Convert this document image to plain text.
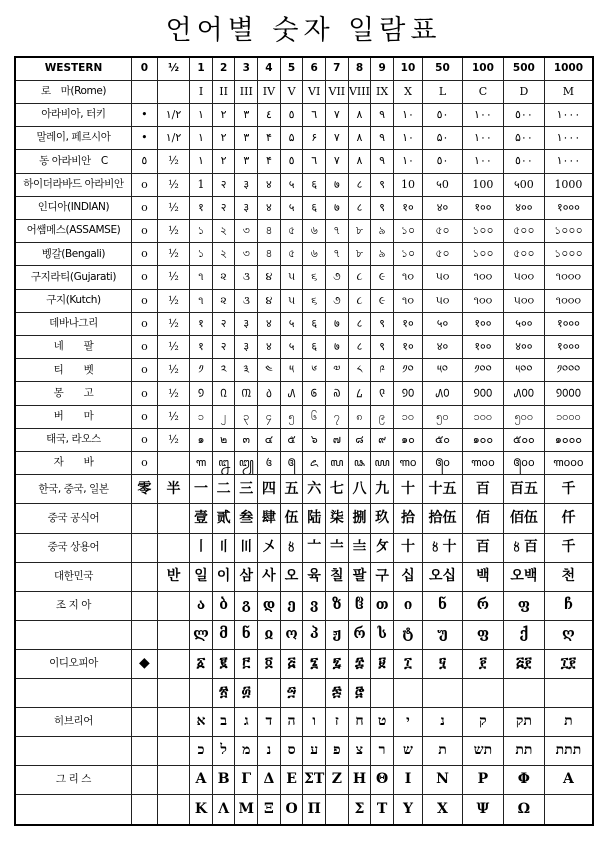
언어별 숫자 일람표
WESTERN	0	½	1	2	3	4	5	6	7	8	9	10	50	100	500	1000
로　마(Rome)			I	II	III	IV	V	VI	VII	VIII	IX	X	L	C	D	M
아라비아, 터키	•	١/٢	١	٢	٣	٤	٥	٦	٧	٨	٩	١٠	٥٠	١٠٠	٥٠٠	١٠٠٠
말레이, 페르시아	•	١/٢	١	٢	٣	۴	۵	۶	٧	٨	٩	١٠	۵٠	١٠٠	۵٠٠	١٠٠٠
동 아라비안　C	٥	½	١	٢	٣	۴	٥	٦	٧	٨	٩	١٠	٥٠	١٠٠	٥٠٠	١٠٠٠
하이더라바드 아라비안	o	½	1	२	३	४	५	६	७	८	९	10	५0	100	५00	1000
인디아(INDIAN)	o	½	१	२	३	४	५	६	७	८	९	१०	४०	१००	४००	१०००
어쌤메스(ASSAMSE)	o	½	১	২	৩	৪	৫	৬	৭	৮	৯	১০	৫০	১০০	৫০০	১০০০
벵갈(Bengali)	o	½	১	২	৩	৪	৫	৬	৭	৮	৯	১০	৫০	১০০	৫০০	১০০০
구지라티(Gujarati)	o	½	૧	૨	૩	૪	૫	૬	૭	૮	૯	૧૦	૫૦	૧૦૦	૫૦૦	૧૦૦૦
구지(Kutch)	o	½	૧	૨	૩	૪	૫	૬	૭	૮	૯	૧૦	૫૦	૧૦૦	૫૦૦	૧૦૦૦
데바나그리	o	½	१	२	३	४	५	६	७	८	९	१०	५०	१००	५००	१०००
네　　팔	o	½	१	२	३	४	५	६	७	८	९	१०	४०	१००	४००	१०००
티　　벳	o	½	༡	༢	༣	༤	༥	༦	༧	༨	༩	༡༠	༥༠	༡༠༠	༥༠༠	༡༠༠༠
몽　　고	o	½	᠑	᠒	᠓	᠔	᠕	᠖	᠗	᠘	᠙	᠑᠐	᠕᠐	᠑᠐᠐	᠕᠐᠐	᠑᠐᠐᠐
버　　마	o	½	၁	၂	၃	၄	၅	၆	၇	၈	၉	၁၀	၅၀	၁၀၀	၅၀၀	၁၀၀၀
태국, 라오스	o	½	๑	๒	๓	๔	๕	๖	๗	๘	๙	๑๐	๕๐	๑๐๐	๕๐๐	๑๐๐๐
자　　바	o		꧑	꧒	꧓	꧔	꧕	꧖	꧗	꧘	꧙	꧑꧐	꧕꧐	꧑꧐꧐	꧕꧐꧐	꧑꧐꧐꧐
한국, 중국, 일본	零	半	一	二	三	四	五	六	七	八	九	十	十五	百	百五	千
중국 공식어			壹	贰	叁	肆	伍	陆	柒	捌	玖	拾	拾伍	佰	佰伍	仟
중국 상용어			〡	〢	〣	〤	〥	〦	〧	〨	〩	十	〥十	百	〥百	千
대한민국		반	일	이	삼	사	오	육	칠	팔	구	십	오십	백	오백	천
조 지 아			ა	ბ	გ	დ	ე	ვ	ზ	ჱ	თ	ი	ნ	რ	ფ	ჩ
			ლ	მ	ნ	ჲ	ო	პ	ჟ	რ	ს	ტ	უ	ფ	ქ	ღ
이디오피아	◆		፩	፪	፫	፬	፭	፮	፯	፰	፱	፲	፶	፻	፭፻	፲፻
				፳	፴		፵		፷	፸						
히브리어			א	ב	ג	ד	ה	ו	ז	ח	ט	י	נ	ק	תק	ת
			כ	ל	מ	נ	ס	ע	פ	צ	ר	ש	ת	תש	תת	תתת
그 리 스			Α	Β	Γ	Δ	Ε	ΣΤ	Ζ	Η	Θ	Ι	Ν	Ρ	Φ	Α
			Κ	Λ	Μ	Ξ	Ο	Π		Σ	Τ	Υ	Χ	Ψ	Ω	
